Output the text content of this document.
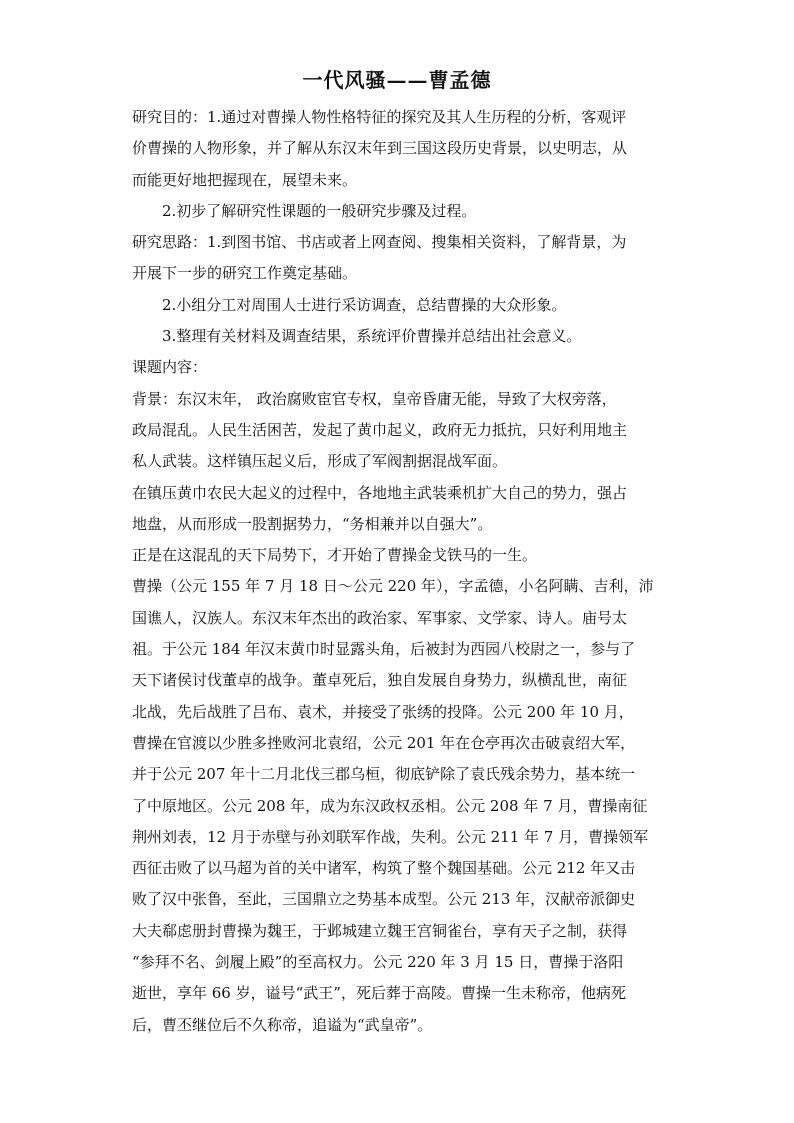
一代风骚——曹孟德
研究目的：1.通过对曹操人物性格特征的探究及其人生历程的分析，客观评
价曹操的人物形象，并了解从东汉末年到三国这段历史背景，以史明志，从
而能更好地把握现在，展望未来。
2.初步了解研究性课题的一般研究步骤及过程。
研究思路：1.到图书馆、书店或者上网查阅、搜集相关资料，了解背景，为
开展下一步的研究工作奠定基础。
2.小组分工对周围人士进行采访调查，总结曹操的大众形象。
3.整理有关材料及调查结果，系统评价曹操并总结出社会意义。
课题内容：
背景：东汉末年， 政治腐败宦官专权，皇帝昏庸无能，导致了大权旁落，
政局混乱。人民生活困苦，发起了黄巾起义，政府无力抵抗，只好利用地主
私人武装。这样镇压起义后，形成了军阀割据混战军面。
在镇压黄巾农民大起义的过程中，各地地主武装乘机扩大自己的势力，强占
地盘，从而形成一股割据势力，“务相兼并以自强大”。
正是在这混乱的天下局势下，才开始了曹操金戈铁马的一生。
曹操（公元 155 年 7 月 18 日～公元 220 年），字孟德，小名阿瞒、吉利，沛
国谯人，汉族人。东汉末年杰出的政治家、军事家、文学家、诗人。庙号太
祖。于公元 184 年汉末黄巾时显露头角，后被封为西园八校尉之一，参与了
天下诸侯讨伐董卓的战争。董卓死后，独自发展自身势力，纵横乱世，南征
北战，先后战胜了吕布、袁术，并接受了张绣的投降。公元 200 年 10 月，
曹操在官渡以少胜多挫败河北袁绍，公元 201 年在仓亭再次击破袁绍大军，
并于公元 207 年十二月北伐三郡乌桓，彻底铲除了袁氏残余势力，基本统一
了中原地区。公元 208 年，成为东汉政权丞相。公元 208 年 7 月，曹操南征
荆州刘表，12 月于赤壁与孙刘联军作战，失利。公元 211 年 7 月，曹操领军
西征击败了以马超为首的关中诸军，构筑了整个魏国基础。公元 212 年又击
败了汉中张鲁，至此，三国鼎立之势基本成型。公元 213 年，汉献帝派御史
大夫郗虑册封曹操为魏王，于邺城建立魏王宫铜雀台，享有天子之制，获得
“参拜不名、剑履上殿”的至高权力。公元 220 年 3 月 15 日，曹操于洛阳
逝世，享年 66 岁，谥号“武王”，死后葬于高陵。曹操一生未称帝，他病死
后，曹丕继位后不久称帝，追谥为“武皇帝”。
